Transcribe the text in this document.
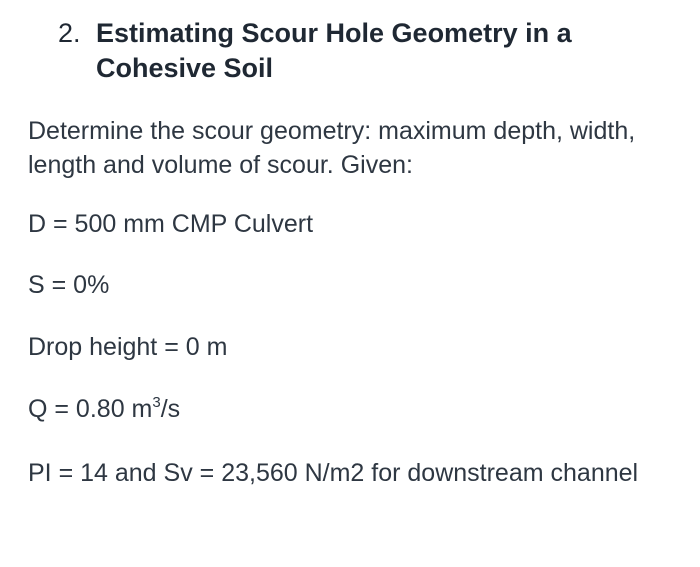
2. Estimating Scour Hole Geometry in a Cohesive Soil

Determine the scour geometry: maximum depth, width, length and volume of scour. Given:

D = 500 mm CMP Culvert

S = 0%

Drop height = 0 m

Q = 0.80 $m^3/s$

PI = 14 and Sv = 23,560 N/m2 for downstream channel
